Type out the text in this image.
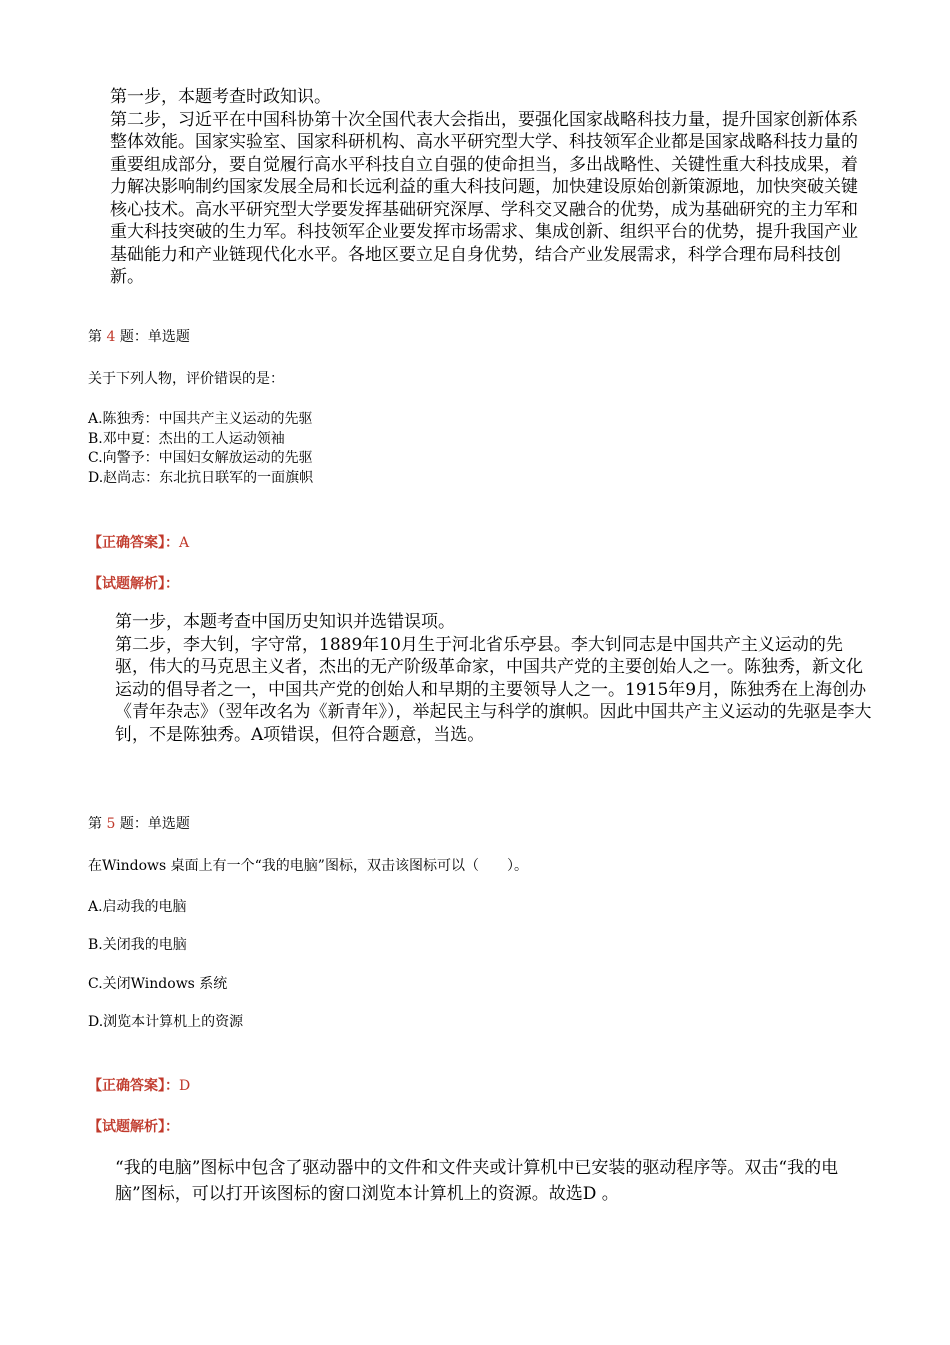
第一步，本题考查时政知识。

第二步，习近平在中国科协第十次全国代表大会指出，要强化国家战略科技力量，提升国家创新体系整体效能。国家实验室、国家科研机构、高水平研究型大学、科技领军企业都是国家战略科技力量的重要组成部分，要自觉履行高水平科技自立自强的使命担当，多出战略性、关键性重大科技成果，着力解决影响制约国家发展全局和长远利益的重大科技问题，加快建设原始创新策源地，加快突破关键核心技术。高水平研究型大学要发挥基础研究深厚、学科交叉融合的优势，成为基础研究的主力军和重大科技突破的生力军。科技领军企业要发挥市场需求、集成创新、组织平台的优势，提升我国产业基础能力和产业链现代化水平。各地区要立足自身优势，结合产业发展需求，科学合理布局科技创新。

第 4 题：单选题
关于下列人物，评价错误的是：
A.陈独秀：中国共产主义运动的先驱
B.邓中夏：杰出的工人运动领袖
C.向警予：中国妇女解放运动的先驱
D.赵尚志：东北抗日联军的一面旗帜
【正确答案】：A
【试题解析】：

第一步，本题考查中国历史知识并选错误项。

第二步，李大钊，字守常，1889年10月生于河北省乐亭县。李大钊同志是中国共产主义运动的先驱，伟大的马克思主义者，杰出的无产阶级革命家，中国共产党的主要创始人之一。陈独秀，新文化运动的倡导者之一，中国共产党的创始人和早期的主要领导人之一。1915年9月，陈独秀在上海创办《青年杂志》（翌年改名为《新青年》），举起民主与科学的旗帜。因此中国共产主义运动的先驱是李大钊，不是陈独秀。A项错误，但符合题意，当选。

第 5 题：单选题
在Windows 桌面上有一个“我的电脑”图标，双击该图标可以（　　）。
A.启动我的电脑
B.关闭我的电脑
C.关闭Windows 系统
D.浏览本计算机上的资源
【正确答案】：D
【试题解析】：

“我的电脑”图标中包含了驱动器中的文件和文件夹或计算机中已安装的驱动程序等。双击“我的电脑”图标，可以打开该图标的窗口浏览本计算机上的资源。故选D 。
